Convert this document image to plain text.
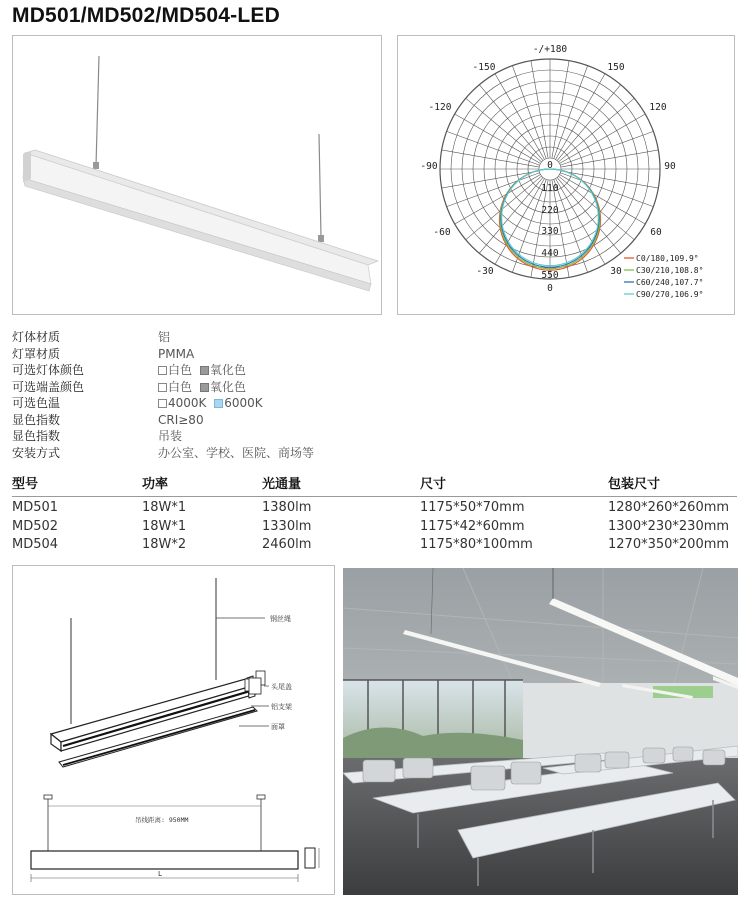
MD501/MD502/MD504-LED
-/+180
-150	150
-120	120
-90	90
-60	60
-30	30
0
0
110
220
330
440
550
C0/180,109.9°
C30/210,108.8°
C60/240,107.7°
C90/270,106.9°
灯体材质	铝
灯罩材质	PMMA
可选灯体颜色	白色 氧化色
可选端盖颜色	白色 氧化色
可选色温	4000K 6000K
显色指数	CRI≥80
显色指数	吊装
安装方式	办公室、学校、医院、商场等
型号	功率	光通量	尺寸	包装尺寸
MD501	18W*1	1380lm	1175*50*70mm	1280*260*260mm
MD502	18W*1	1330lm	1175*42*60mm	1300*230*230mm
MD504	18W*2	2460lm	1175*80*100mm	1270*350*200mm
钢丝绳
头尾盖
铝支架
面罩
吊线距离: 950MM
L
